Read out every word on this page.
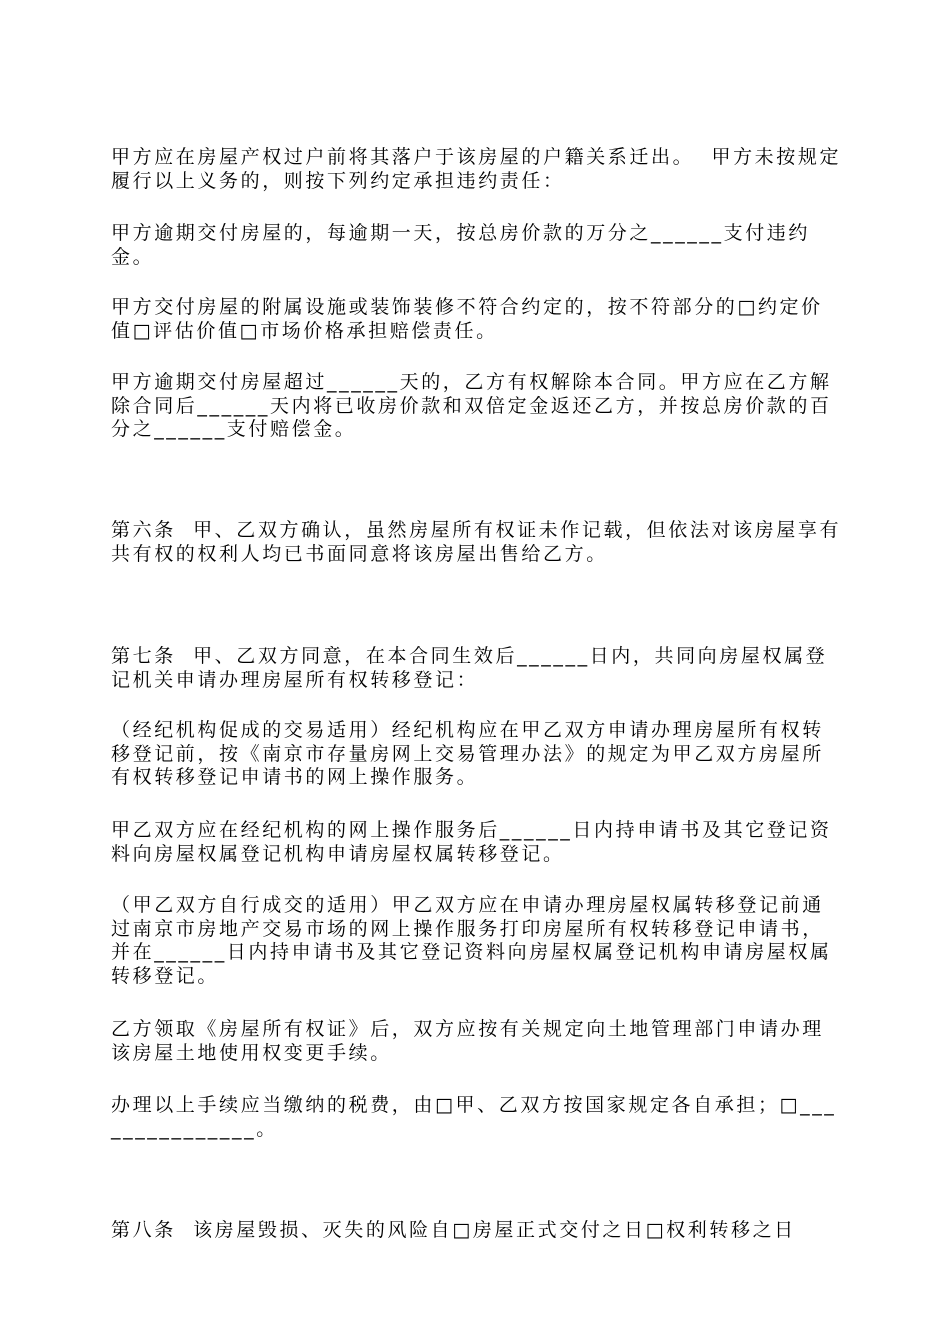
甲方应在房屋产权过户前将其落户于该房屋的户籍关系迁出。  甲方未按规定履行以上义务的，则按下列约定承担违约责任：

甲方逾期交付房屋的，每逾期一天，按总房价款的万分之______支付违约金。

甲方交付房屋的附属设施或装饰装修不符合约定的，按不符部分的□约定价值□评估价值□市场价格承担赔偿责任。

甲方逾期交付房屋超过______天的，乙方有权解除本合同。甲方应在乙方解除合同后______天内将已收房价款和双倍定金返还乙方，并按总房价款的百分之______支付赔偿金。

第六条  甲、乙双方确认，虽然房屋所有权证未作记载，但依法对该房屋享有共有权的权利人均已书面同意将该房屋出售给乙方。

第七条  甲、乙双方同意，在本合同生效后______日内，共同向房屋权属登记机关申请办理房屋所有权转移登记：

（经纪机构促成的交易适用）经纪机构应在甲乙双方申请办理房屋所有权转移登记前，按《南京市存量房网上交易管理办法》的规定为甲乙双方房屋所有权转移登记申请书的网上操作服务。

甲乙双方应在经纪机构的网上操作服务后______日内持申请书及其它登记资料向房屋权属登记机构申请房屋权属转移登记。

（甲乙双方自行成交的适用）甲乙双方应在申请办理房屋权属转移登记前通过南京市房地产交易市场的网上操作服务打印房屋所有权转移登记申请书，并在______日内持申请书及其它登记资料向房屋权属登记机构申请房屋权属转移登记。

乙方领取《房屋所有权证》后，双方应按有关规定向土地管理部门申请办理该房屋土地使用权变更手续。

办理以上手续应当缴纳的税费，由□甲、乙双方按国家规定各自承担；□_______________。

第八条  该房屋毁损、灭失的风险自□房屋正式交付之日□权利转移之日
